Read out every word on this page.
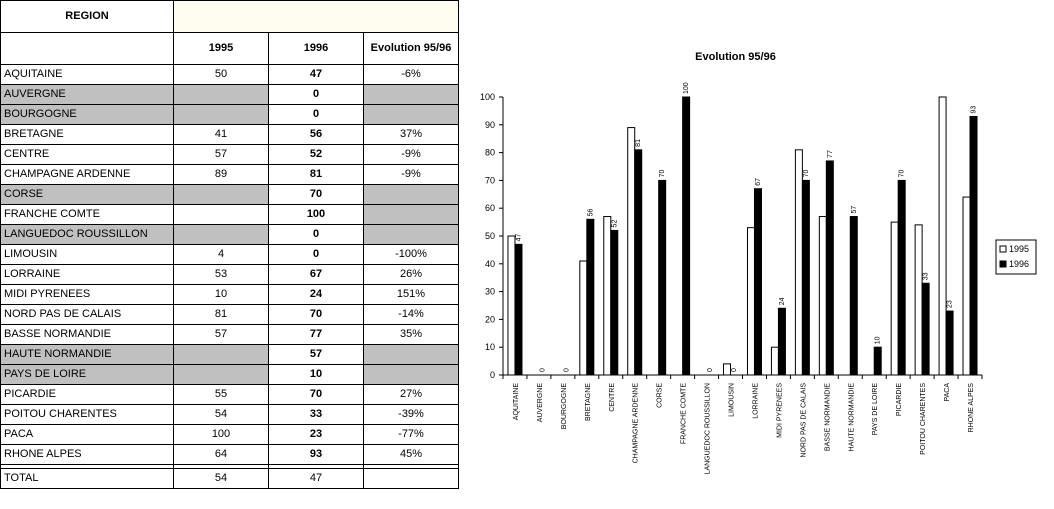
REGION			
	1995	1996	Evolution 95/96
AQUITAINE	50	47	-6%
AUVERGNE		0	
BOURGOGNE		0	
BRETAGNE	41	56	37%
CENTRE	57	52	-9%
CHAMPAGNE ARDENNE	89	81	-9%
CORSE		70	
FRANCHE COMTE		100	
LANGUEDOC ROUSSILLON		0	
LIMOUSIN	4	0	-100%
LORRAINE	53	67	26%
MIDI PYRENEES	10	24	151%
NORD PAS DE CALAIS	81	70	-14%
BASSE NORMANDIE	57	77	35%
HAUTE NORMANDIE		57	
PAYS DE LOIRE		10	
PICARDIE	55	70	27%
POITOU CHARENTES	54	33	-39%
PACA	100	23	-77%
RHONE ALPES	64	93	45%

TOTAL	54	47	
Evolution 95/96
0
10
20
30
40
50
60
70
80
90
100
47
AQUITAINE
0
AUVERGNE
0
BOURGOGNE
56
BRETAGNE
52
CENTRE
81
CHAMPAGNE ARDENNE
70
CORSE
100
FRANCHE COMTE
0
LANGUEDOC ROUSSILLON
0
LIMOUSIN
67
LORRAINE
24
MIDI PYRENEES
70
NORD PAS DE CALAIS
77
BASSE NORMANDIE
57
HAUTE NORMANDIE
10
PAYS DE LOIRE
70
PICARDIE
33
POITOU CHARENTES
23
PACA
93
RHONE ALPES
1995
1996
